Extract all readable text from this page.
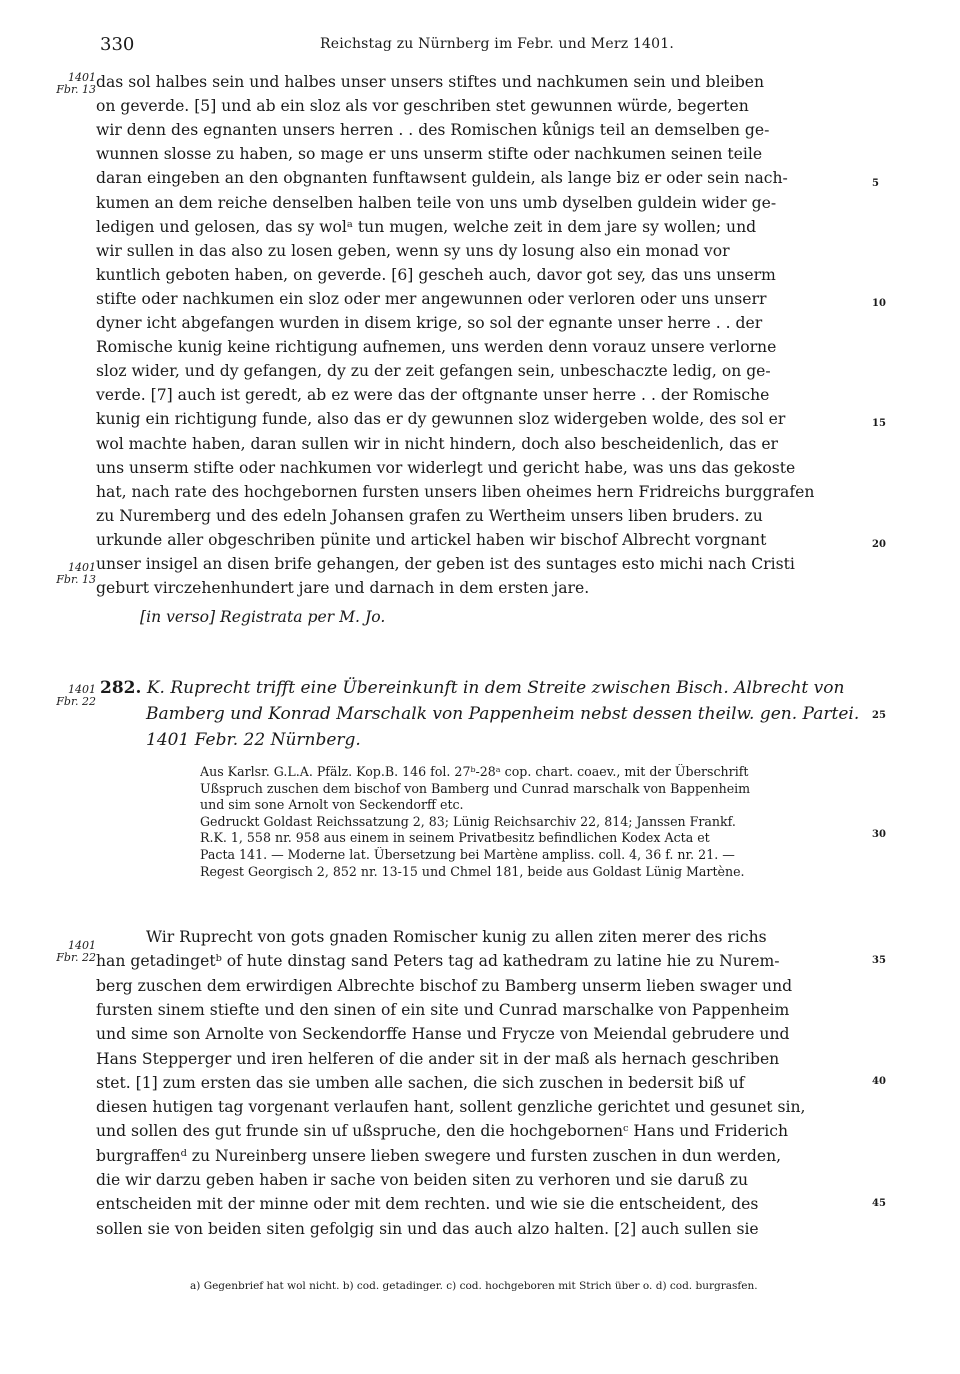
330	Reichstag zu Nürnberg im Febr. und Merz 1401.
1401
Fbr. 13 das sol halbes sein und halbes unser unsers stiftes und nachkumen sein und bleiben
on geverde. [5] und ab ein sloz als vor geschriben stet gewunnen würde, begerten
wir denn des egnanten unsers herren . . des Romischen kůnigs teil an demselben ge-
wunnen slosse zu haben, so mage er uns unserm stifte oder nachkumen seinen teile
daran eingeben an den obgnanten funftawsent guldein, als lange biz er oder sein nach-
kumen an dem reiche denselben halben teile von uns umb dyselben guldein wider ge-
ledigen und gelosen, das sy wolᵃ tun mugen, welche zeit in dem jare sy wollen; und
wir sullen in das also zu losen geben, wenn sy uns dy losung also ein monad vor
kuntlich geboten haben, on geverde. [6] gescheh auch, davor got sey, das uns unserm
stifte oder nachkumen ein sloz oder mer angewunnen oder verloren oder uns unserr
dyner icht abgefangen wurden in disem krige, so sol der egnante unser herre . . der
Romische kunig keine richtigung aufnemen, uns werden denn vorauz unsere verlorne
sloz wider, und dy gefangen, dy zu der zeit gefangen sein, unbeschaczte ledig, on ge-
verde. [7] auch ist geredt, ab ez were das der oftgnante unser herre . . der Romische
kunig ein richtigung funde, also das er dy gewunnen sloz widergeben wolde, des sol er
wol machte haben, daran sullen wir in nicht hindern, doch also bescheidenlich, das er
uns unserm stifte oder nachkumen vor widerlegt und gericht habe, was uns das gekoste
hat, nach rate des hochgebornen fursten unsers liben oheimes hern Fridreichs burggrafen
zu Nuremberg und des edeln Johansen grafen zu Wertheim unsers liben bruders. zu
urkunde aller obgeschriben pünite und artickel haben wir bischof Albrecht vorgnant
unser insigel an disen brife gehangen, der geben ist des suntages esto michi nach Cristi
geburt virczehenhundert jare und darnach in dem ersten jare.
1401
Fbr. 13
[in verso] Registrata per M. Jo.
5
10
15
20
25
30
35
40
45
1401
Fbr. 22
282. K. Ruprecht trifft eine Übereinkunft in dem Streite zwischen Bisch. Albrecht von
Bamberg und Konrad Marschalk von Pappenheim nebst dessen theilw. gen. Partei.
1401 Febr. 22 Nürnberg.
Aus Karlsr. G.L.A. Pfälz. Kop.B. 146 fol. 27ᵇ-28ᵃ cop. chart. coaev., mit der Überschrift
Ußspruch zuschen dem bischof von Bamberg und Cunrad marschalk von Bappenheim
und sim sone Arnolt von Seckendorff etc.
Gedruckt Goldast Reichssatzung 2, 83; Lünig Reichsarchiv 22, 814; Janssen Frankf.
R.K. 1, 558 nr. 958 aus einem in seinem Privatbesitz befindlichen Kodex Acta et
Pacta 141. — Moderne lat. Übersetzung bei Martène ampliss. coll. 4, 36 f. nr. 21. —
Regest Georgisch 2, 852 nr. 13-15 und Chmel 181, beide aus Goldast Lünig Martène.
1401
Fbr. 22
Wir Ruprecht von gots gnaden Romischer kunig zu allen ziten merer des richs
han getadingetᵇ of hute dinstag sand Peters tag ad kathedram zu latine hie zu Nurem-
berg zuschen dem erwirdigen Albrechte bischof zu Bamberg unserm lieben swager und
fursten sinem stiefte und den sinen of ein site und Cunrad marschalke von Pappenheim
und sime son Arnolte von Seckendorffe Hanse und Frycze von Meiendal gebrudere und
Hans Stepperger und iren helferen of die ander sit in der maß als hernach geschriben
stet. [1] zum ersten das sie umben alle sachen, die sich zuschen in bedersit biß uf
diesen hutigen tag vorgenant verlaufen hant, sollent genzliche gerichtet und gesunet sin,
und sollen des gut frunde sin uf ußspruche, den die hochgebornenᶜ Hans und Friderich
burgraffenᵈ zu Nureinberg unsere lieben swegere und fursten zuschen in dun werden,
die wir darzu geben haben ir sache von beiden siten zu verhoren und sie daruß zu
entscheiden mit der minne oder mit dem rechten. und wie sie die entscheident, des
sollen sie von beiden siten gefolgig sin und das auch alzo halten. [2] auch sullen sie
a) Gegenbrief hat wol nicht. b) cod. getadinger. c) cod. hochgeboren mit Strich über o. d) cod. burgrasfen.
